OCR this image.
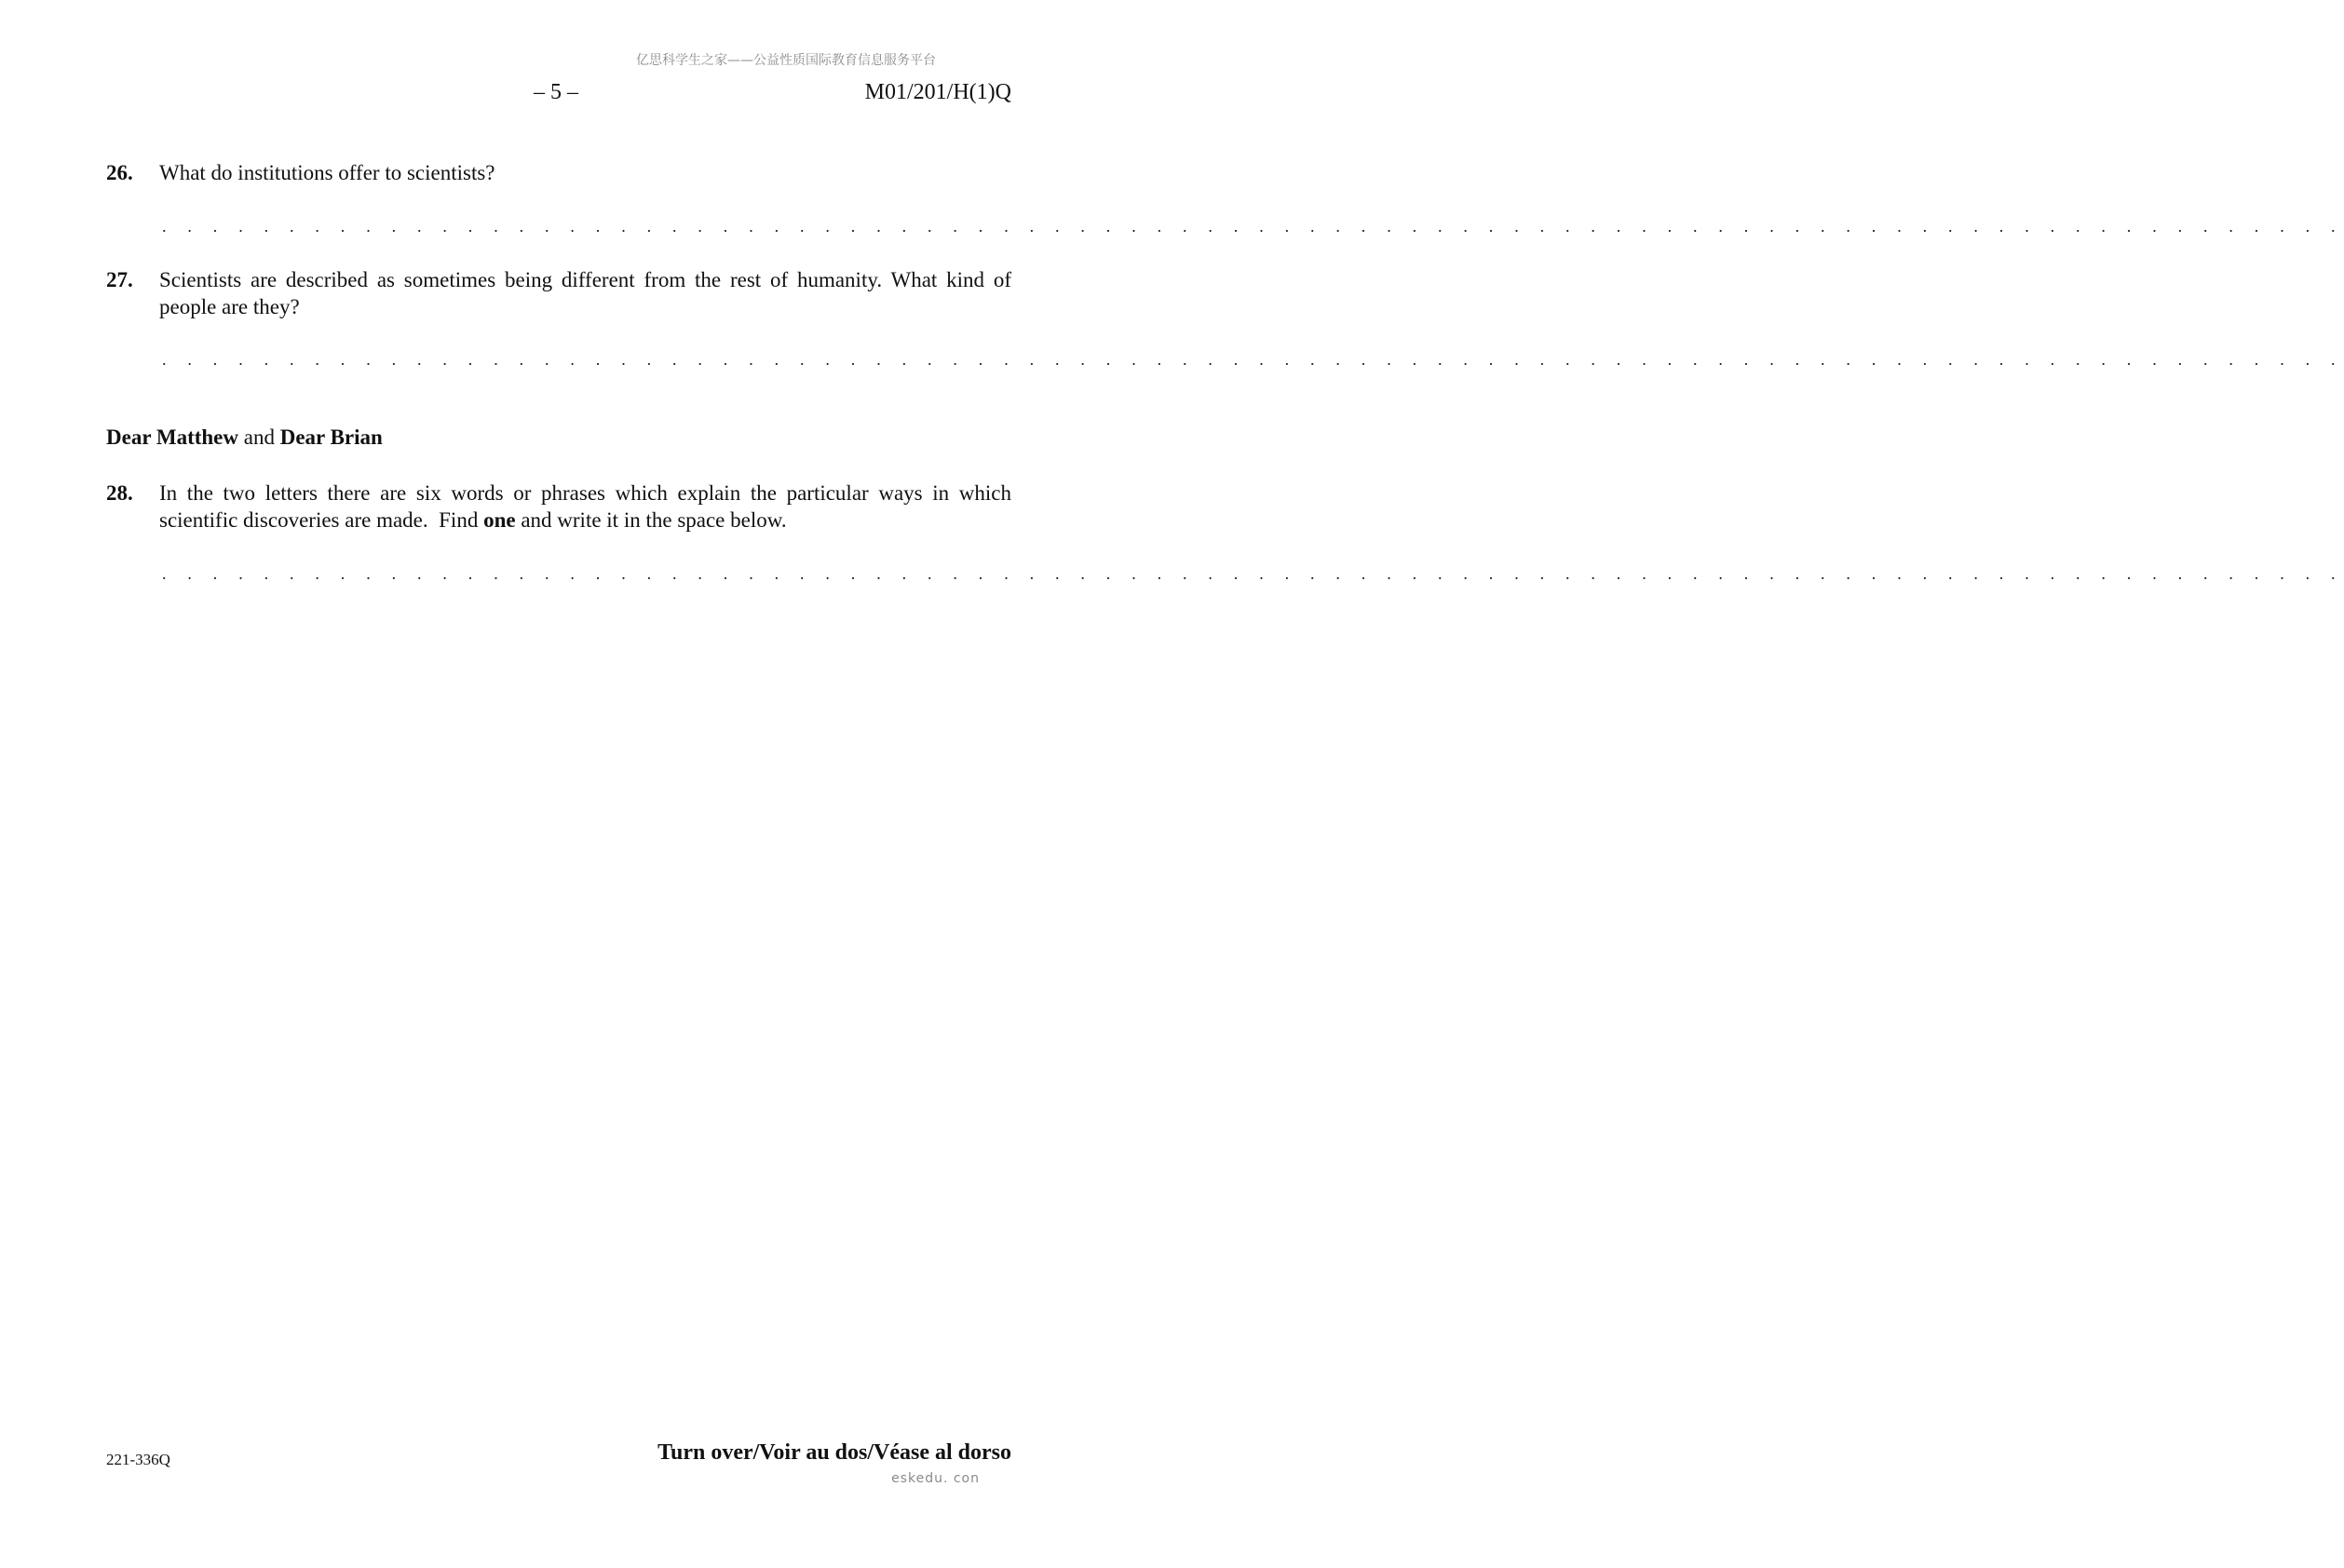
亿思科学生之家——公益性质国际教育信息服务平台
– 5 –	M01/201/H(1)Q
26. What do institutions offer to scientists?
. . . . . . . . . . . . . . . . . . . . . . . . . . . . . . . . . . . . . . . . . . . . . . . . . . . . . . . . . . . . . . . . . . . . . . . . . . . . . . . . . . . . . .
27. Scientists are described as sometimes being different from the rest of humanity. What kind of people are they?
. . . . . . . . . . . . . . . . . . . . . . . . . . . . . . . . . . . . . . . . . . . . . . . . . . . . . . . . . . . . . . . . . . . . . . . . . . . . . . . . . . . . . .
Dear Matthew and Dear Brian
28. In the two letters there are six words or phrases which explain the particular ways in which scientific discoveries are made.  Find one and write it in the space below.
. . . . . . . . . . . . . . . . . . . . . . . . . . . . . . . . . . . . . . . . . . . . . . . . . . . . . . . . . . . . . . . . . . . . . . . . . . . . . . . . . . . . . .
221-336Q	Turn over/Voir au dos/Véase al dorso
eskedu. con
